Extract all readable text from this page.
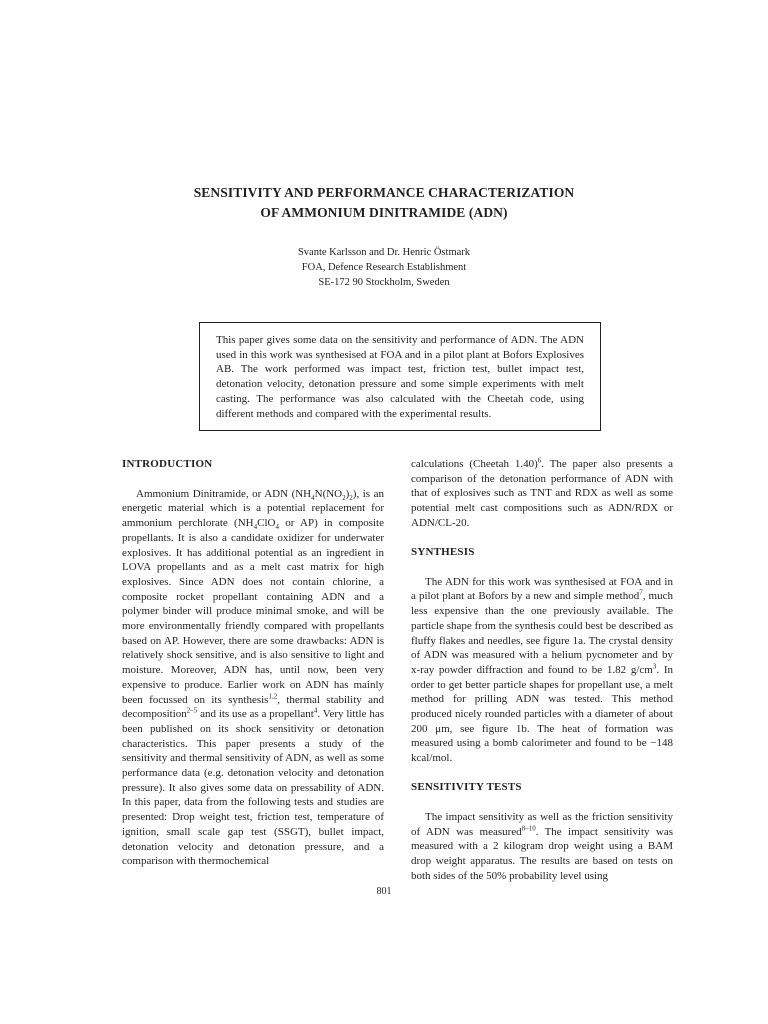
SENSITIVITY AND PERFORMANCE CHARACTERIZATION
OF AMMONIUM DINITRAMIDE (ADN)
Svante Karlsson and Dr. Henric Östmark
FOA, Defence Research Establishment
SE-172 90 Stockholm, Sweden
This paper gives some data on the sensitivity and performance of ADN. The ADN used in this work was synthesised at FOA and in a pilot plant at Bofors Explosives AB. The work performed was impact test, friction test, bullet impact test, detonation velocity, detonation pressure and some simple experiments with melt casting. The performance was also calculated with the Cheetah code, using different methods and compared with the experimental results.
INTRODUCTION

Ammonium Dinitramide, or ADN $(NH_4N(NO_2)_2)$, is an energetic material which is a potential replacement for ammonium perchlorate ($NH_4ClO_4$ or AP) in composite propellants. It is also a candidate oxidizer for underwater explosives. It has additional potential as an ingredient in LOVA propellants and as a melt cast matrix for high explosives. Since ADN does not contain chlorine, a composite rocket propellant containing ADN and a polymer binder will produce minimal smoke, and will be more environmentally friendly compared with propellants based on AP. However, there are some drawbacks: ADN is relatively shock sensitive, and is also sensitive to light and moisture. Moreover, ADN has, until now, been very expensive to produce. Earlier work on ADN has mainly been focussed on its synthesis$^{1,2}$, thermal stability and decomposition$^{2-5}$ and its use as a propellant$^4$. Very little has been published on its shock sensitivity or detonation characteristics. This paper presents a study of the sensitivity and thermal sensitivity of ADN, as well as some performance data (e.g. detonation velocity and detonation pressure). It also gives some data on pressability of ADN. In this paper, data from the following tests and studies are presented: Drop weight test, friction test, temperature of ignition, small scale gap test (SSGT), bullet impact, detonation velocity and detonation pressure, and a comparison with thermochemical

calculations (Cheetah 1.40)$^6$. The paper also presents a comparison of the detonation performance of ADN with that of explosives such as TNT and RDX as well as some potential melt cast compositions such as ADN/RDX or ADN/CL-20.

SYNTHESIS

The ADN for this work was synthesised at FOA and in a pilot plant at Bofors by a new and simple method$^7$, much less expensive than the one previously available. The particle shape from the synthesis could best be described as fluffy flakes and needles, see figure 1a. The crystal density of ADN was measured with a helium pycnometer and by x-ray powder diffraction and found to be 1.82 $g/cm^3$. In order to get better particle shapes for propellant use, a melt method for prilling ADN was tested. This method produced nicely rounded particles with a diameter of about 200 μm, see figure 1b. The heat of formation was measured using a bomb calorimeter and found to be −148 kcal/mol.

SENSITIVITY TESTS

The impact sensitivity as well as the friction sensitivity of ADN was measured$^{8-10}$. The impact sensitivity was measured with a 2 kilogram drop weight using a BAM drop weight apparatus. The results are based on tests on both sides of the 50% probability level using

801
